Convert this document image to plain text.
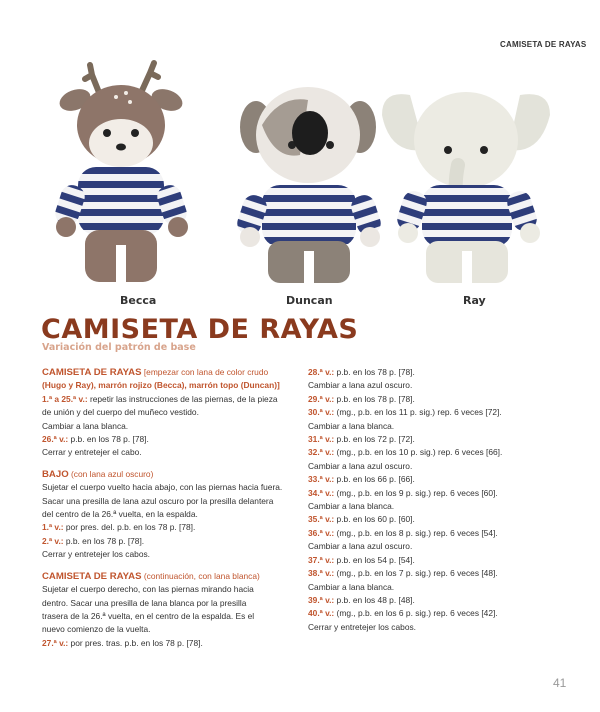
CAMISETA DE RAYAS
Becca	Duncan	Ray
CAMISETA DE RAYAS
Variación del patrón de base
CAMISETA DE RAYAS [empezar con lana de color crudo
(Hugo y Ray), marrón rojizo (Becca), marrón topo (Duncan)]
1.ª a 25.ª v.: repetir las instrucciones de las piernas, de la pieza
de unión y del cuerpo del muñeco vestido.
Cambiar a lana blanca.
26.ª v.: p.b. en los 78 p. [78].
Cerrar y entretejer el cabo.
BAJO (con lana azul oscuro)
Sujetar el cuerpo vuelto hacia abajo, con las piernas hacia fuera.
Sacar una presilla de lana azul oscuro por la presilla delantera
del centro de la 26.ª vuelta, en la espalda.
1.ª v.: por pres. del. p.b. en los 78 p. [78].
2.ª v.: p.b. en los 78 p. [78].
Cerrar y entretejer los cabos.
CAMISETA DE RAYAS (continuación, con lana blanca)
Sujetar el cuerpo derecho, con las piernas mirando hacia
dentro. Sacar una presilla de lana blanca por la presilla
trasera de la 26.ª vuelta, en el centro de la espalda. Es el
nuevo comienzo de la vuelta.
27.ª v.: por pres. tras. p.b. en los 78 p. [78].
28.ª v.: p.b. en los 78 p. [78].
Cambiar a lana azul oscuro.
29.ª v.: p.b. en los 78 p. [78].
30.ª v.: (mg., p.b. en los 11 p. sig.) rep. 6 veces [72].
Cambiar a lana blanca.
31.ª v.: p.b. en los 72 p. [72].
32.ª v.: (mg., p.b. en los 10 p. sig.) rep. 6 veces [66].
Cambiar a lana azul oscuro.
33.ª v.: p.b. en los 66 p. [66].
34.ª v.: (mg., p.b. en los 9 p. sig.) rep. 6 veces [60].
Cambiar a lana blanca.
35.ª v.: p.b. en los 60 p. [60].
36.ª v.: (mg., p.b. en los 8 p. sig.) rep. 6 veces [54].
Cambiar a lana azul oscuro.
37.ª v.: p.b. en los 54 p. [54].
38.ª v.: (mg., p.b. en los 7 p. sig.) rep. 6 veces [48].
Cambiar a lana blanca.
39.ª v.: p.b. en los 48 p. [48].
40.ª v.: (mg., p.b. en los 6 p. sig.) rep. 6 veces [42].
Cerrar y entretejer los cabos.
41
